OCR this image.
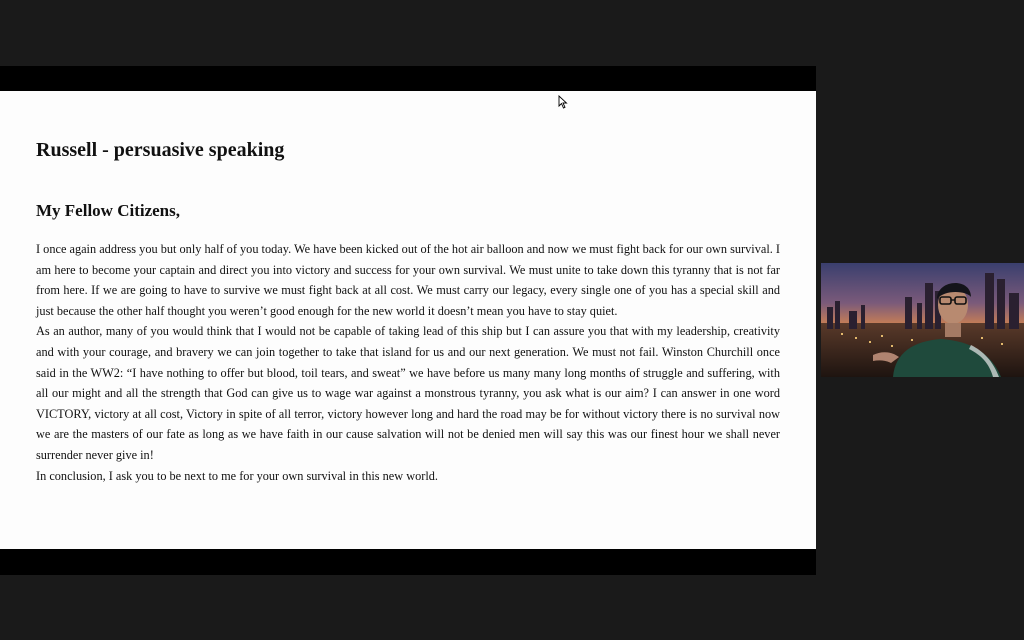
Russell - persuasive speaking
My Fellow Citizens,

I once again address you but only half of you today. We have been kicked out of the hot air balloon and now we must fight back for our own survival. I am here to become your captain and direct you into victory and success for your own survival. We must unite to take down this tyranny that is not far from here. If we are going to have to survive we must fight back at all cost. We must carry our legacy, every single one of you has a special skill and just because the other half thought you weren’t good enough for the new world it doesn’t mean you have to stay quiet.

As an author, many of you would think that I would not be capable of taking lead of this ship but I can assure you that with my leadership, creativity and with your courage, and bravery we can join together to take that island for us and our next generation. We must not fail. Winston Churchill once said in the WW2: “I have nothing to offer but blood, toil tears, and sweat” we have before us many many long months of struggle and suffering, with all our might and all the strength that God can give us to wage war against a monstrous tyranny, you ask what is our aim? I can answer in one word VICTORY, victory at all cost, Victory in spite of all terror, victory however long and hard the road may be for without victory there is no survival now we are the masters of our fate as long as we have faith in our cause salvation will not be denied men will say this was our finest hour we shall never surrender never give in!

In conclusion, I ask you to be next to me for your own survival in this new world.
